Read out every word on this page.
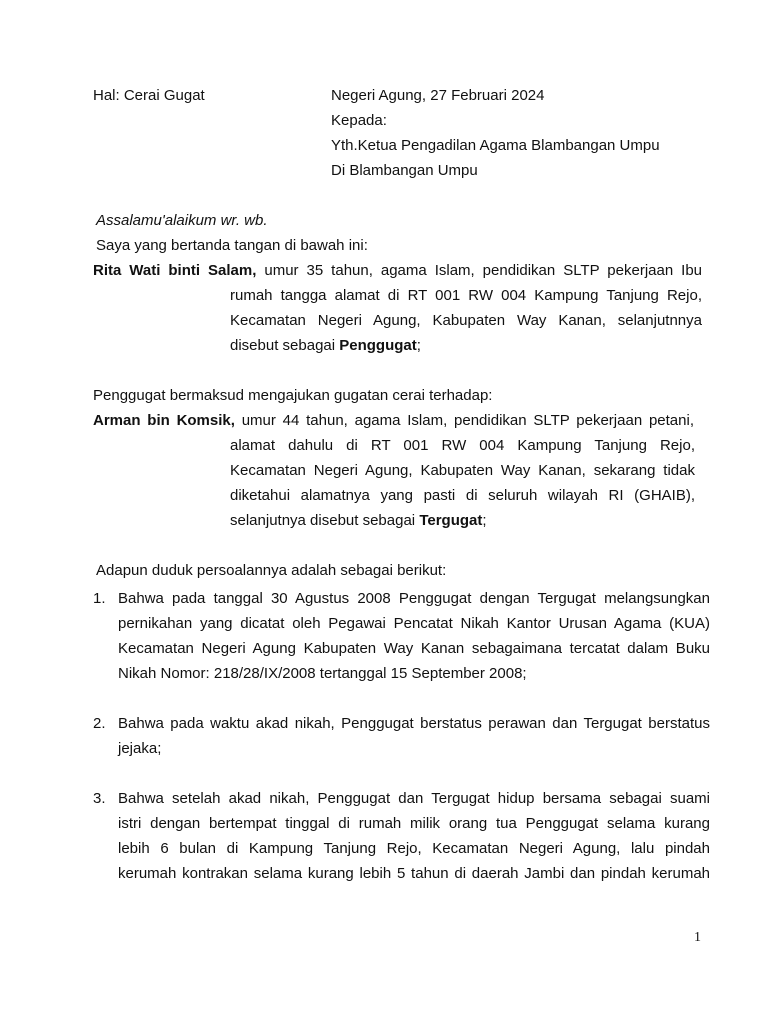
Hal: Cerai Gugat	Negeri Agung, 27 Februari 2024
Kepada:
Yth.Ketua Pengadilan Agama Blambangan Umpu
Di Blambangan Umpu
Assalamu'alaikum wr. wb.
Saya yang bertanda tangan di bawah ini:
Rita Wati binti Salam, umur 35 tahun, agama Islam, pendidikan SLTP pekerjaan Ibu
rumah tangga alamat di RT 001 RW 004 Kampung Tanjung Rejo,
Kecamatan Negeri Agung, Kabupaten Way Kanan, selanjutnnya
disebut sebagai Penggugat;
Penggugat bermaksud mengajukan gugatan cerai terhadap:
Arman bin Komsik, umur 44 tahun, agama Islam, pendidikan SLTP pekerjaan petani,
alamat dahulu di RT 001 RW 004 Kampung Tanjung Rejo,
Kecamatan Negeri Agung, Kabupaten Way Kanan, sekarang tidak
diketahui alamatnya yang pasti di seluruh wilayah RI (GHAIB),
selanjutnya disebut sebagai Tergugat;
Adapun duduk persoalannya adalah sebagai berikut:
1. Bahwa pada tanggal 30 Agustus 2008 Penggugat dengan Tergugat melangsungkan
pernikahan yang dicatat oleh Pegawai Pencatat Nikah Kantor Urusan Agama (KUA)
Kecamatan Negeri Agung Kabupaten Way Kanan sebagaimana tercatat dalam Buku
Nikah Nomor: 218/28/IX/2008 tertanggal 15 September 2008;
2. Bahwa pada waktu akad nikah, Penggugat berstatus perawan dan Tergugat berstatus
jejaka;
3. Bahwa setelah akad nikah, Penggugat dan Tergugat hidup bersama sebagai suami
istri dengan bertempat tinggal di rumah milik orang tua Penggugat selama kurang
lebih 6 bulan di Kampung Tanjung Rejo, Kecamatan Negeri Agung, lalu pindah
kerumah kontrakan selama kurang lebih 5 tahun di daerah Jambi dan pindah kerumah
1
